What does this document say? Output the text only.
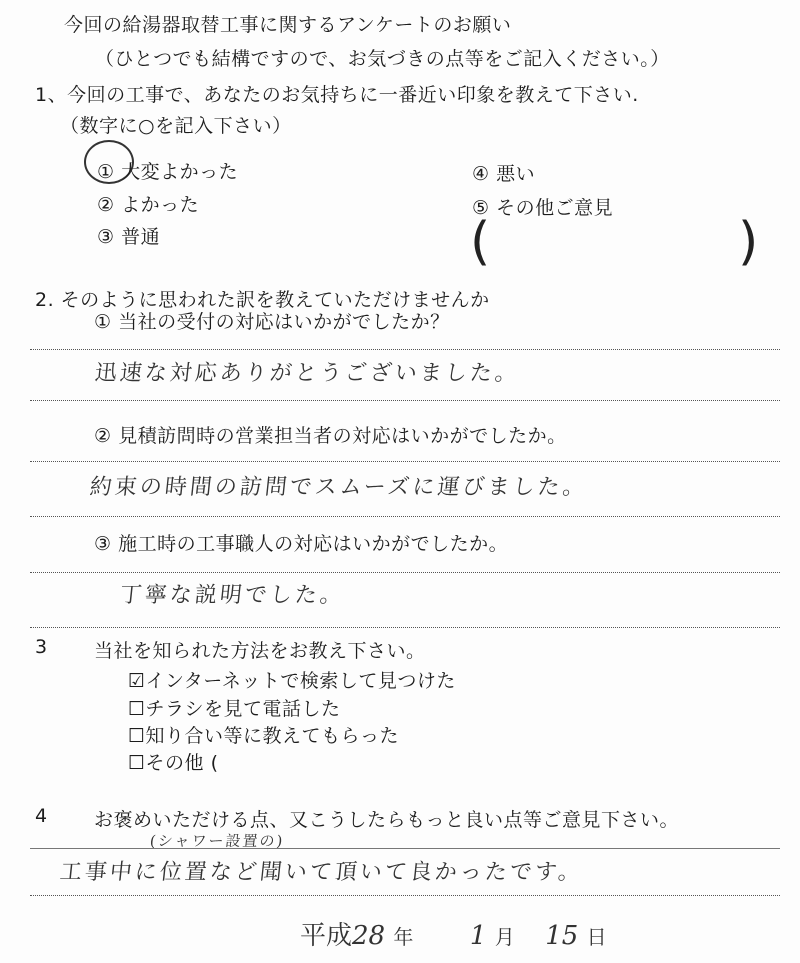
今回の給湯器取替工事に関するアンケートのお願い
（ひとつでも結構ですので、お気づきの点等をご記入ください。）
1、今回の工事で、あなたのお気持ちに一番近い印象を教えて下さい.
（数字に○を記入下さい）
① 大変よかった
② よかった
③ 普通
④ 悪い
⑤ その他ご意見
(	)
2. そのように思われた訳を教えていただけませんか
① 当社の受付の対応はいかがでしたか？
迅速な対応ありがとうございました。
② 見積訪問時の営業担当者の対応はいかがでしたか。
約束の時間の訪問でスムーズに運びました。
③ 施工時の工事職人の対応はいかがでしたか。
丁寧な説明でした。
3 当社を知られた方法をお教え下さい。
☑インターネットで検索して見つけた
☐チラシを見て電話した
☐知り合い等に教えてもらった
☐その他 (
4 お褒めいただける点、又こうしたらもっと良い点等ご意見下さい。
(シャワー設置の)
工事中に位置など聞いて頂いて良かったです。
平成28 年 1 月 15 日
